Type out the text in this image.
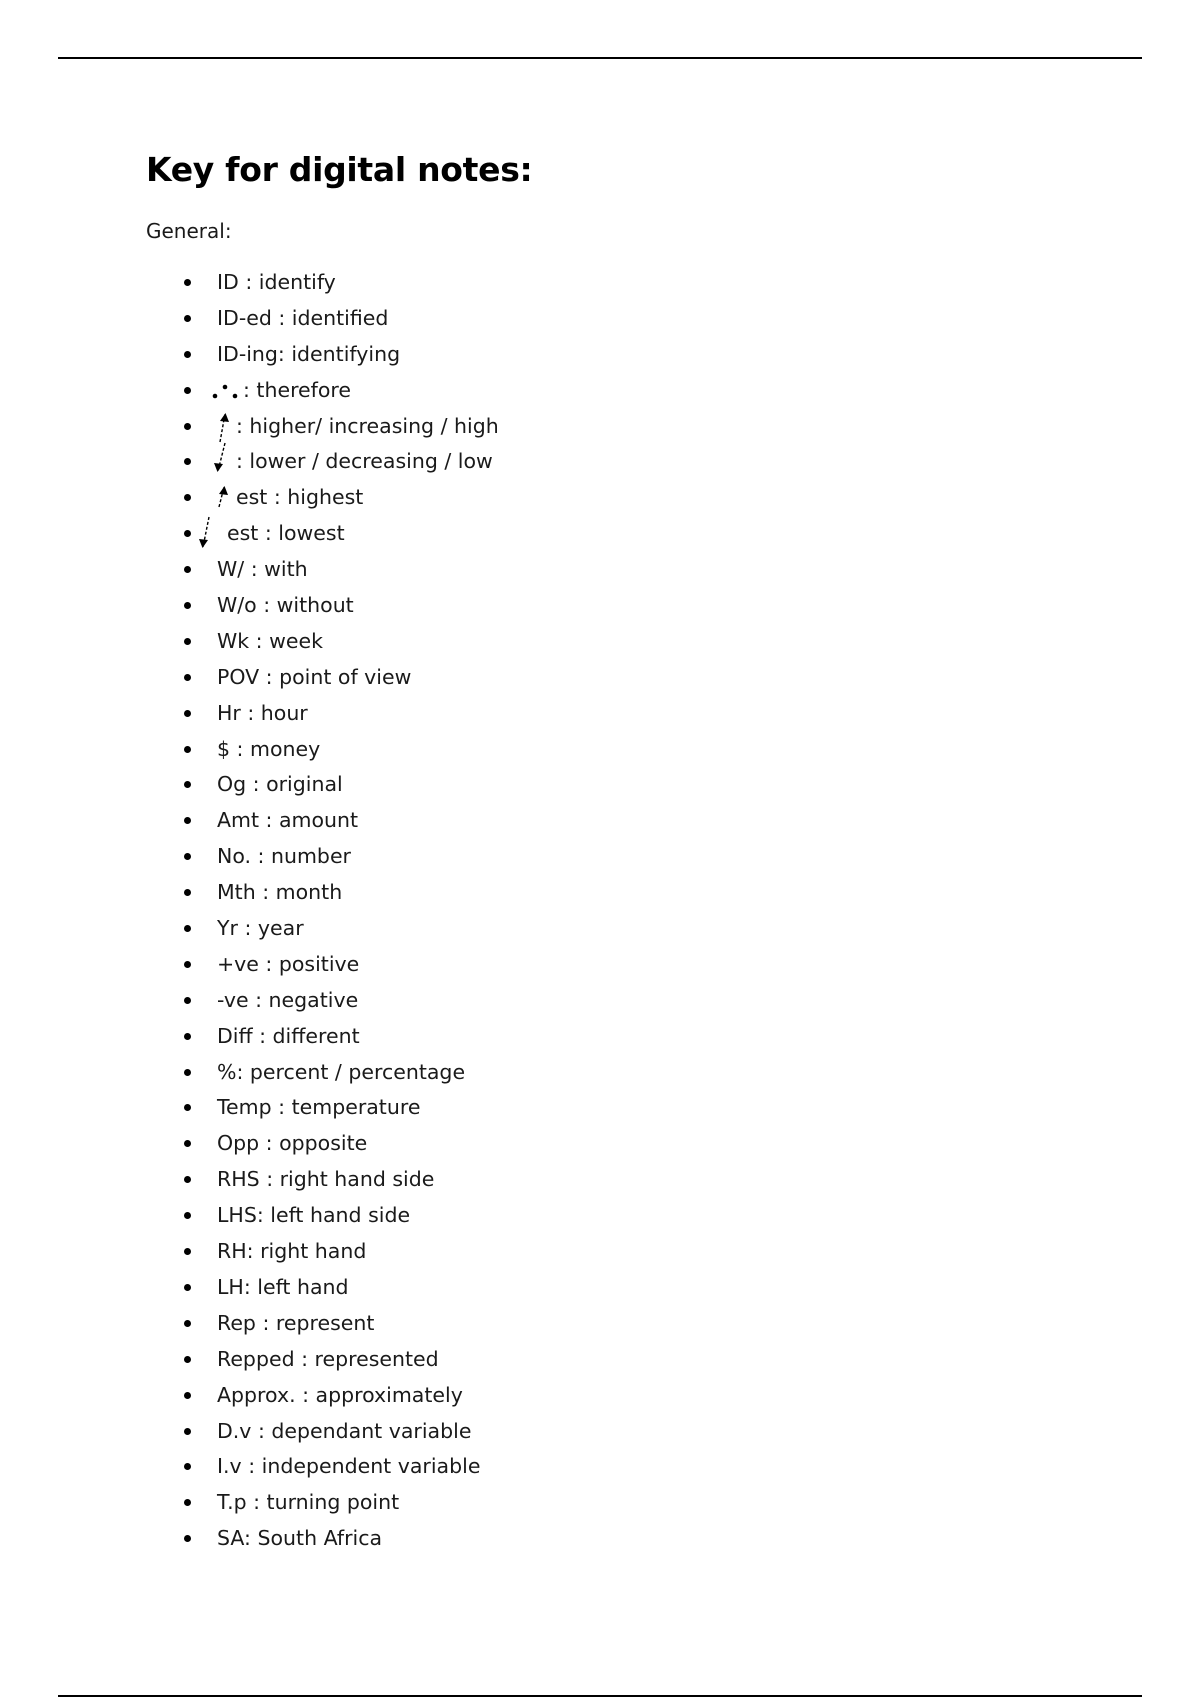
Key for digital notes:
General:
ID : identify
ID-ed : identified
ID-ing: identifying
: therefore
: higher/ increasing / high
: lower / decreasing / low
est : highest
est : lowest
W/ : with
W/o : without
Wk : week
POV : point of view
Hr : hour
$ : money
Og : original
Amt : amount
No. : number
Mth : month
Yr : year
+ve : positive
-ve : negative
Diff : different
%: percent / percentage
Temp : temperature
Opp : opposite
RHS : right hand side
LHS: left hand side
RH: right hand
LH: left hand
Rep : represent
Repped : represented
Approx. : approximately
D.v : dependant variable
I.v : independent variable
T.p : turning point
SA: South Africa
